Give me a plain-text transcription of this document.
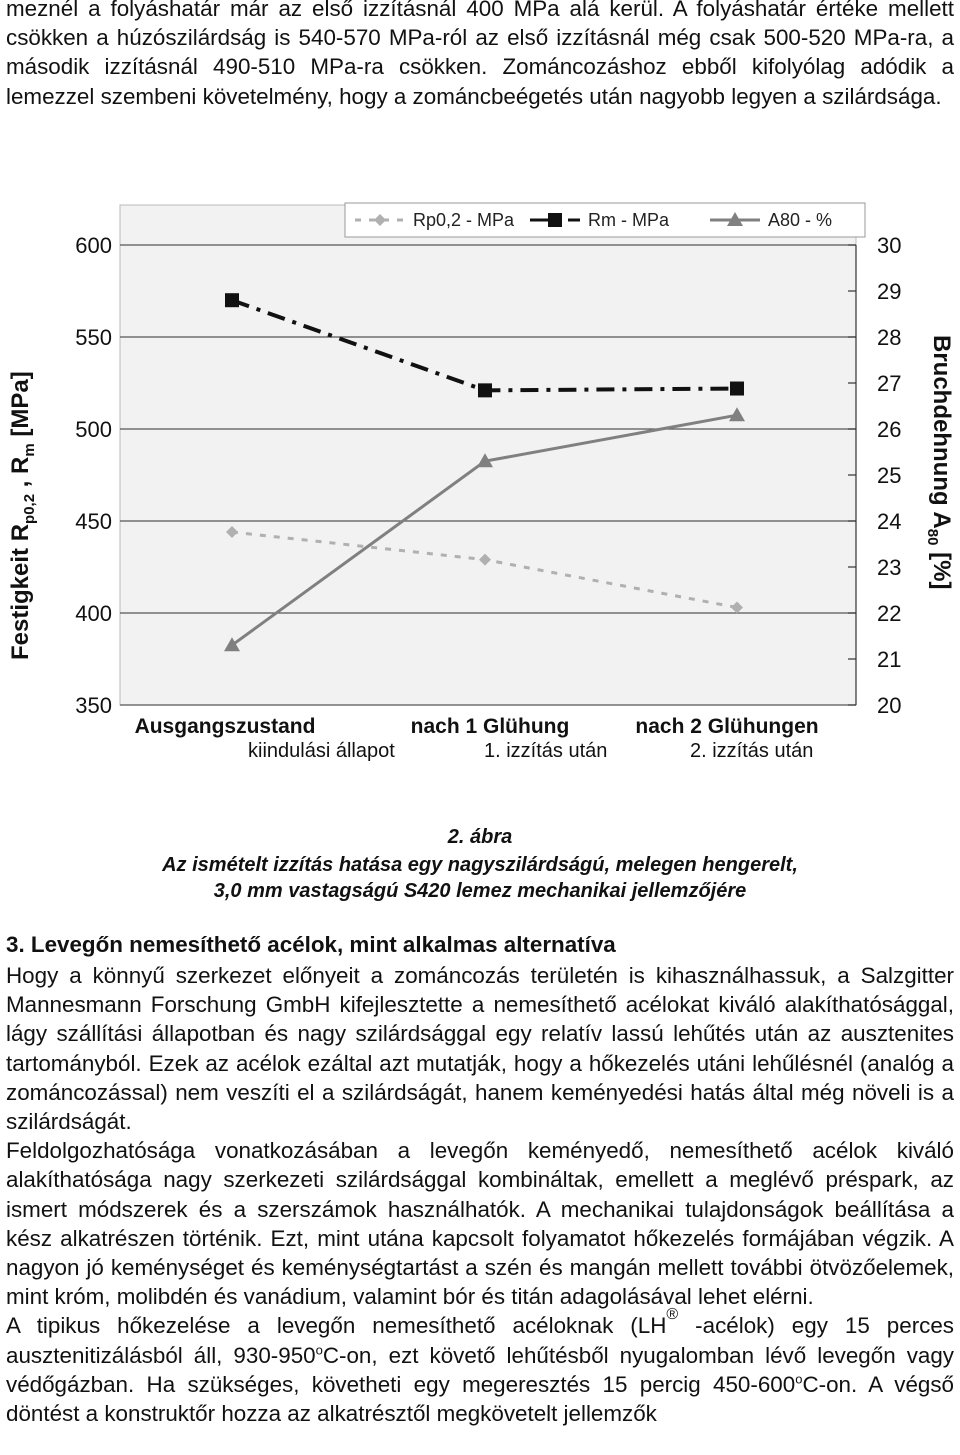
meznél a folyáshatár már az első izzításnál 400 MPa alá kerül. A folyáshatár értéke mellett csökken a húzószilárdság is 540-570 MPa-ról az első izzításnál még csak 500-520 MPa-ra, a második izzításnál 490-510 MPa-ra csökken. Zománcozáshoz ebből kifolyólag adódik a lemezzel szembeni követelmény, hogy a zománcbeégetés után nagyobb legyen a szilárdsága.

600
550
500
450
400
350
30
29
28
27
26
25
24
23
22
21
20
Ausgangszustand	nach 1 Glühung	nach 2 Glühungen
Rp0,2 - MPa	Rm - MPa	A80 - %
Festigkeit $R_{p0,2}$ , $R_m$ [MPa]	Bruchdehnung $A_{80}$ [%]
kiindulási állapot	1. izzítás után	2. izzítás után
2. ábra
Az ismételt izzítás hatása egy nagyszilárdságú, melegen hengerelt,
3,0 mm vastagságú S420 lemez mechanikai jellemzőjére

3. Levegőn nemesíthető acélok, mint alkalmas alternatíva

Hogy a könnyű szerkezet előnyeit a zománcozás területén is kihasználhassuk, a Salzgitter Mannesmann Forschung GmbH kifejlesztette a nemesíthető acélokat kiváló alakíthatósággal, lágy szállítási állapotban és nagy szilárdsággal egy relatív lassú lehűtés után az ausztenites tartományból. Ezek az acélok ezáltal azt mutatják, hogy a hőkezelés utáni lehűlésnél (analóg a zománcozással) nem veszíti el a szilárdságát, hanem keményedési hatás által még növeli is a szilárdságát.

Feldolgozhatósága vonatkozásában a levegőn keményedő, nemesíthető acélok kiváló alakíthatósága nagy szerkezeti szilárdsággal kombináltak, emellett a meglévő préspark, az ismert módszerek és a szerszámok használhatók. A mechanikai tulajdonságok beállítása a kész alkatrészen történik. Ezt, mint utána kapcsolt folyamatot hőkezelés formájában végzik. A nagyon jó keménységet és keménységtartást a szén és mangán mellett további ötvözőelemek, mint króm, molibdén és vanádium, valamint bór és titán adagolásával lehet elérni.

A tipikus hőkezelése a levegőn nemesíthető acéloknak (LH® -acélok) egy 15 perces ausztenitizálásból áll, 930-950$^o$C-on, ezt követő lehűtésből nyugalomban lévő levegőn vagy védőgázban. Ha szükséges, követheti egy megeresztés 15 percig 450-600$^o$C-on. A végső döntést a konstruktőr hozza az alkatrésztől megkövetelt jellemzők
